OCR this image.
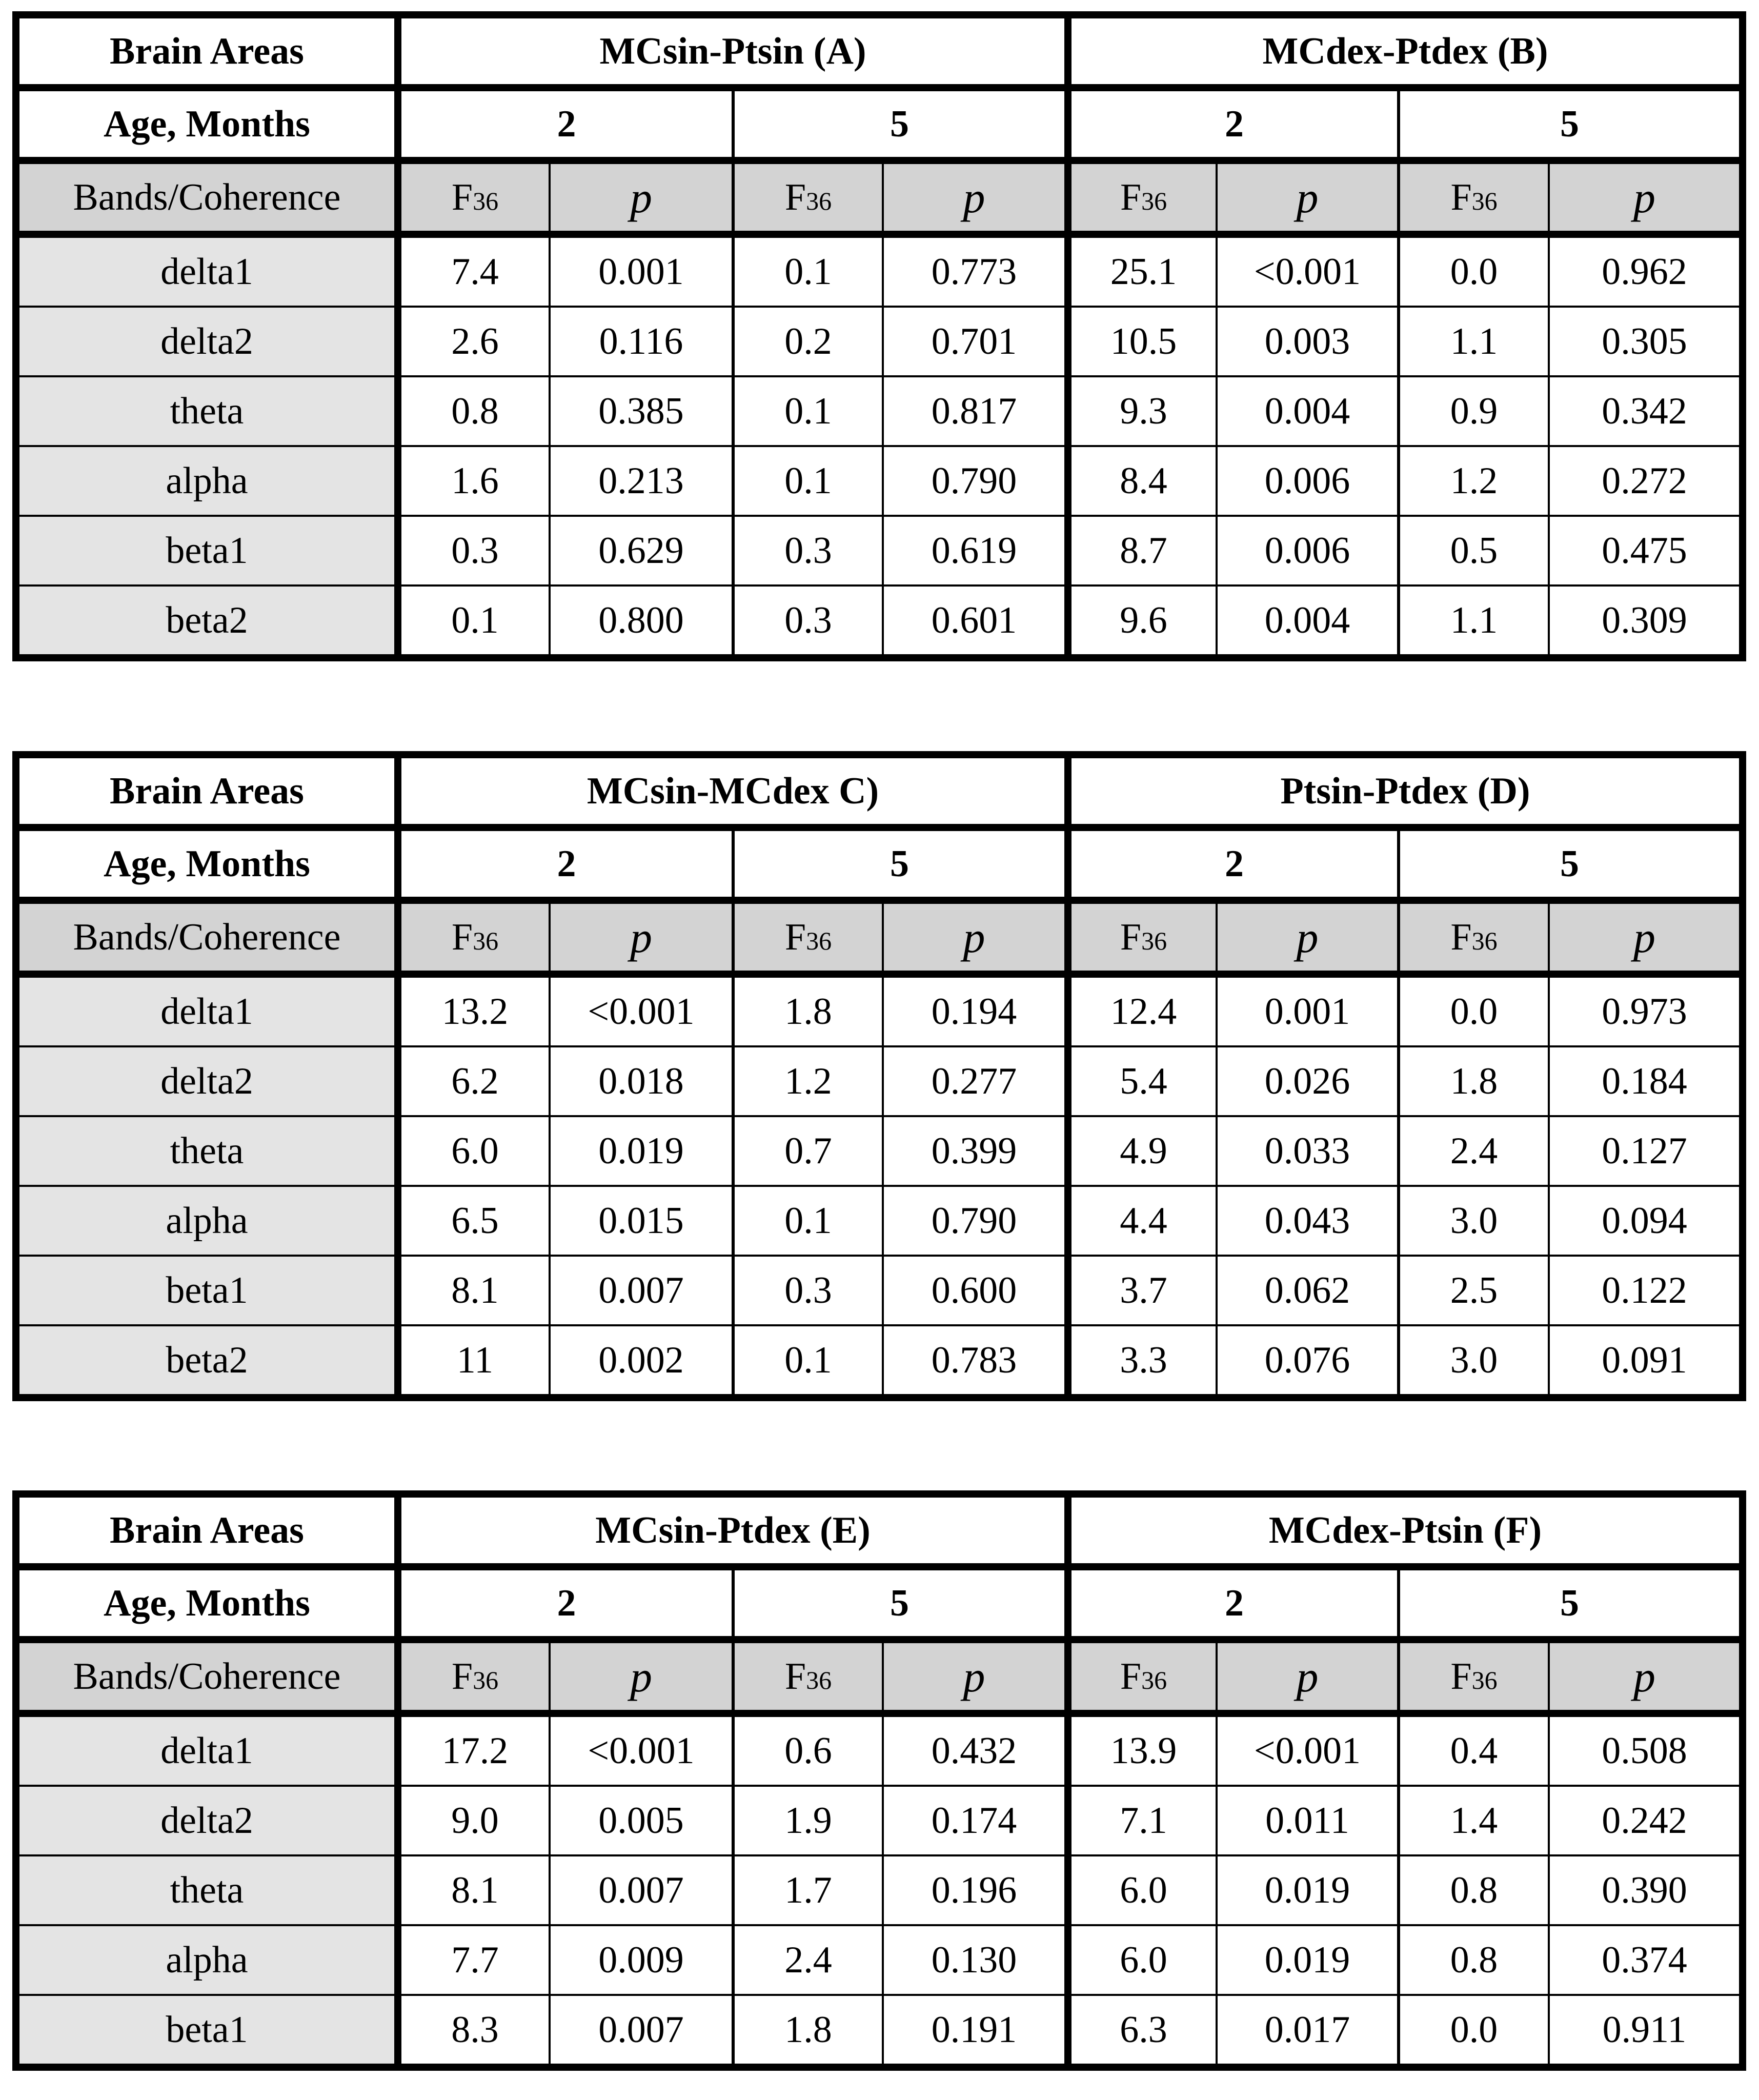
Brain Areas	MCsin-Ptsin (A)				MCdex-Ptdex (B)			
Age, Months	2		5		2		5	
Bands/Coherence	F36	p	F36	p	F36	p	F36	p
delta1	7.4	0.001	0.1	0.773	25.1	<0.001	0.0	0.962
delta2	2.6	0.116	0.2	0.701	10.5	0.003	1.1	0.305
theta	0.8	0.385	0.1	0.817	9.3	0.004	0.9	0.342
alpha	1.6	0.213	0.1	0.790	8.4	0.006	1.2	0.272
beta1	0.3	0.629	0.3	0.619	8.7	0.006	0.5	0.475
beta2	0.1	0.800	0.3	0.601	9.6	0.004	1.1	0.309
Brain Areas	MCsin-MCdex C)				Ptsin-Ptdex (D)			
Age, Months	2		5		2		5	
Bands/Coherence	F36	p	F36	p	F36	p	F36	p
delta1	13.2	<0.001	1.8	0.194	12.4	0.001	0.0	0.973
delta2	6.2	0.018	1.2	0.277	5.4	0.026	1.8	0.184
theta	6.0	0.019	0.7	0.399	4.9	0.033	2.4	0.127
alpha	6.5	0.015	0.1	0.790	4.4	0.043	3.0	0.094
beta1	8.1	0.007	0.3	0.600	3.7	0.062	2.5	0.122
beta2	11	0.002	0.1	0.783	3.3	0.076	3.0	0.091
Brain Areas	MCsin-Ptdex (E)				MCdex-Ptsin (F)			
Age, Months	2		5		2		5	
Bands/Coherence	F36	p	F36	p	F36	p	F36	p
delta1	17.2	<0.001	0.6	0.432	13.9	<0.001	0.4	0.508
delta2	9.0	0.005	1.9	0.174	7.1	0.011	1.4	0.242
theta	8.1	0.007	1.7	0.196	6.0	0.019	0.8	0.390
alpha	7.7	0.009	2.4	0.130	6.0	0.019	0.8	0.374
beta1	8.3	0.007	1.8	0.191	6.3	0.017	0.0	0.911
